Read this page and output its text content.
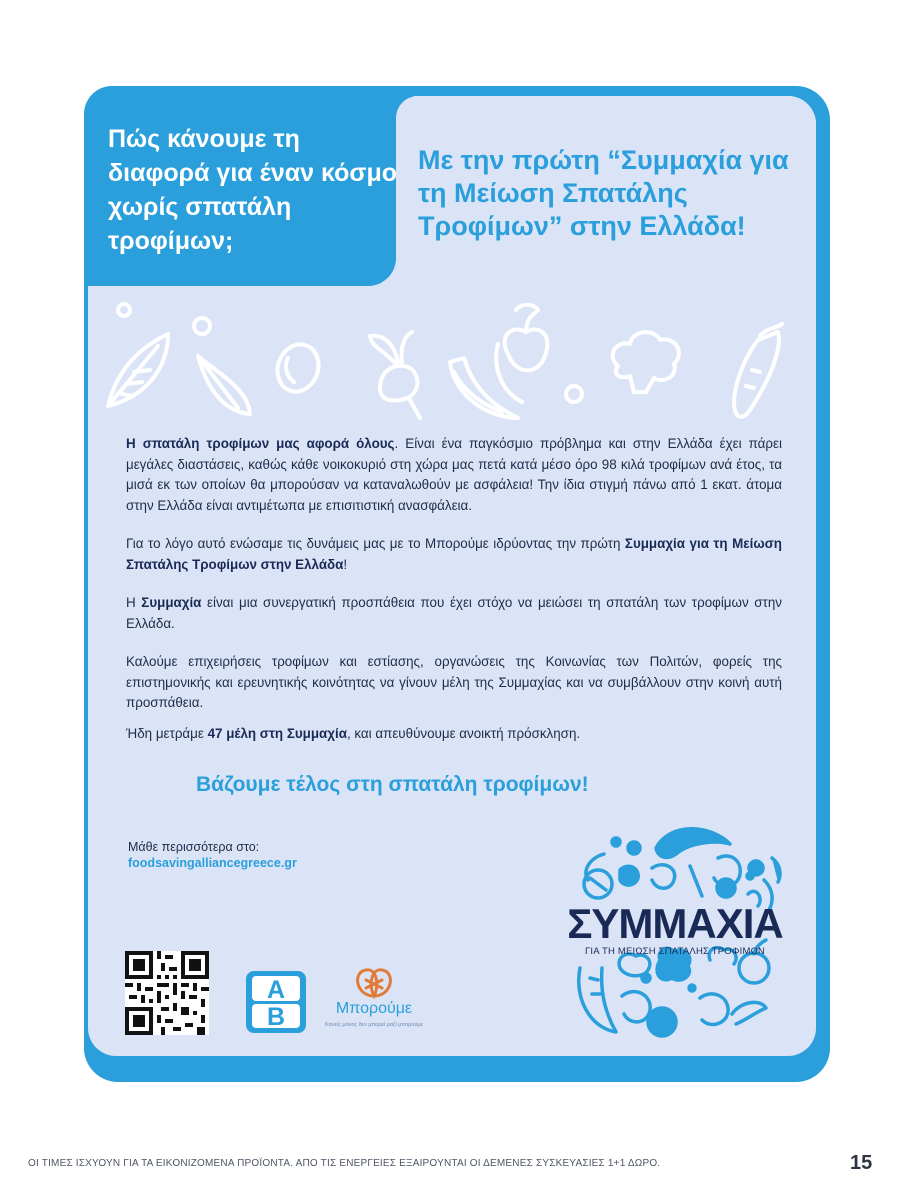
Πώς κάνουμε τη διαφορά για έναν κόσμο χωρίς σπατάλη τροφίμων;
Με την πρώτη “Συμμαχία για τη Μείωση Σπατάλης Τροφίμων” στην Ελλάδα!

Η σπατάλη τροφίμων μας αφορά όλους. Είναι ένα παγκόσμιο πρόβλημα και στην Ελλάδα έχει πάρει μεγάλες διαστάσεις, καθώς κάθε νοικοκυριό στη χώρα μας πετά κατά μέσο όρο 98 κιλά τροφίμων ανά έτος, τα μισά εκ των οποίων θα μπορούσαν να καταναλωθούν με ασφάλεια! Την ίδια στιγμή πάνω από 1 εκατ. άτομα στην Ελλάδα είναι αντιμέτωπα με επισιτιστική ανασφάλεια.

Για το λόγο αυτό ενώσαμε τις δυνάμεις μας με το Μπορούμε ιδρύοντας την πρώτη Συμμαχία για τη Μείωση Σπατάλης Τροφίμων στην Ελλάδα!

Η Συμμαχία είναι μια συνεργατική προσπάθεια που έχει στόχο να μειώσει τη σπατάλη των τροφίμων στην Ελλάδα.

Καλούμε επιχειρήσεις τροφίμων και εστίασης, οργανώσεις της Κοινωνίας των Πολιτών, φορείς της επιστημονικής και ερευνητικής κοινότητας να γίνουν μέλη της Συμμαχίας και να συμβάλλουν στην κοινή αυτή προσπάθεια.

Ήδη μετράμε 47 μέλη στη Συμμαχία, και απευθύνουμε ανοικτή πρόσκληση.

Βάζουμε τέλος στη σπατάλη τροφίμων!
Μάθε περισσότερα στο:
foodsavingalliancegreece.gr
A
B	Μπορούμε
Κανείς μόνος δεν μπορεί μαζί μπορούμε
ΣΥΜΜΑΧΙΑ
ΓΙΑ ΤΗ ΜΕΙΩΣΗ ΣΠΑΤΑΛΗΣ ΤΡΟΦΙΜΩΝ
ΟΙ ΤΙΜΕΣ ΙΣΧΥΟΥΝ ΓΙΑ ΤΑ ΕΙΚΟΝΙΖΟΜΕΝΑ ΠΡΟΪΟΝΤΑ. ΑΠΟ ΤΙΣ ΕΝΕΡΓΕΙΕΣ ΕΞΑΙΡΟΥΝΤΑΙ ΟΙ ΔΕΜΕΝΕΣ ΣΥΣΚΕΥΑΣΙΕΣ 1+1 ΔΩΡΟ.	15
